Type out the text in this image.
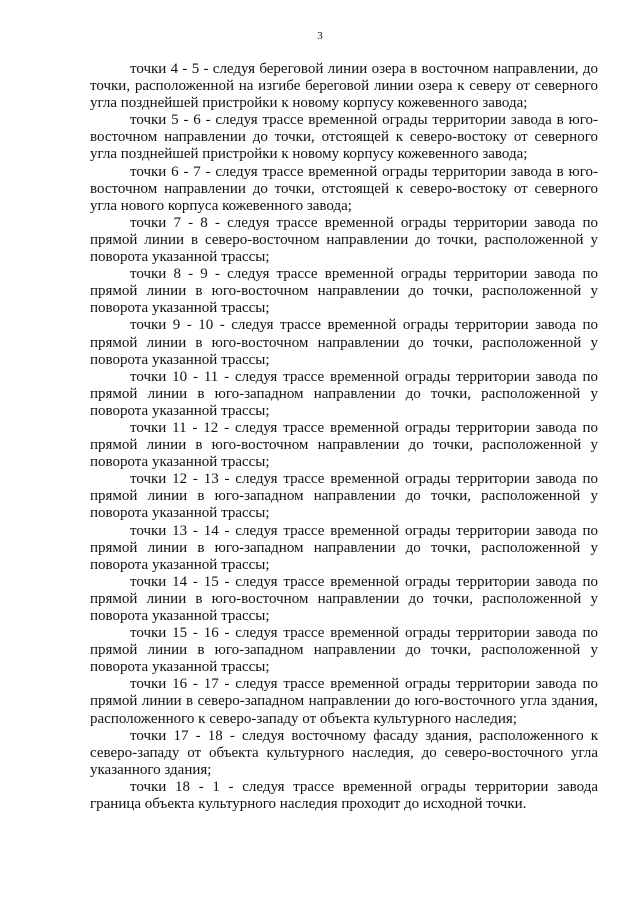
3

точки 4 - 5 - следуя береговой линии озера в восточном направлении, до точки, расположенной на изгибе береговой линии озера к северу от северного угла позднейшей пристройки к новому корпусу кожевенного завода;

точки 5 - 6 - следуя трассе временной ограды территории завода в юго-восточном направлении до точки, отстоящей к северо-востоку от северного угла позднейшей пристройки к новому корпусу кожевенного завода;

точки 6 - 7 - следуя трассе временной ограды территории завода в юго-восточном направлении до точки, отстоящей к северо-востоку от северного угла нового корпуса кожевенного завода;

точки 7 - 8 - следуя трассе временной ограды территории завода по прямой линии в северо-восточном направлении до точки, расположенной у поворота указанной трассы;

точки 8 - 9 - следуя трассе временной ограды территории завода по прямой линии в юго-восточном направлении до точки, расположенной у поворота указанной трассы;

точки 9 - 10 - следуя трассе временной ограды территории завода по прямой линии в юго-восточном направлении до точки, расположенной у поворота указанной трассы;

точки 10 - 11 - следуя трассе временной ограды территории завода по прямой линии в юго-западном направлении до точки, расположенной у поворота указанной трассы;

точки 11 - 12 - следуя трассе временной ограды территории завода по прямой линии в юго-восточном направлении до точки, расположенной у поворота указанной трассы;

точки 12 - 13 - следуя трассе временной ограды территории завода по прямой линии в юго-западном направлении до точки, расположенной у поворота указанной трассы;

точки 13 - 14 - следуя трассе временной ограды территории завода по прямой линии в юго-западном направлении до точки, расположенной у поворота указанной трассы;

точки 14 - 15 - следуя трассе временной ограды территории завода по прямой линии в юго-восточном направлении до точки, расположенной у поворота указанной трассы;

точки 15 - 16 - следуя трассе временной ограды территории завода по прямой линии в юго-западном направлении до точки, расположенной у поворота указанной трассы;

точки 16 - 17 - следуя трассе временной ограды территории завода по прямой линии в северо-западном направлении до юго-восточного угла здания, расположенного к северо-западу от объекта культурного наследия;

точки 17 - 18 - следуя восточному фасаду здания, расположенного к северо-западу от объекта культурного наследия, до северо-восточного угла указанного здания;

точки 18 - 1 - следуя трассе временной ограды территории завода граница объекта культурного наследия проходит до исходной точки.
